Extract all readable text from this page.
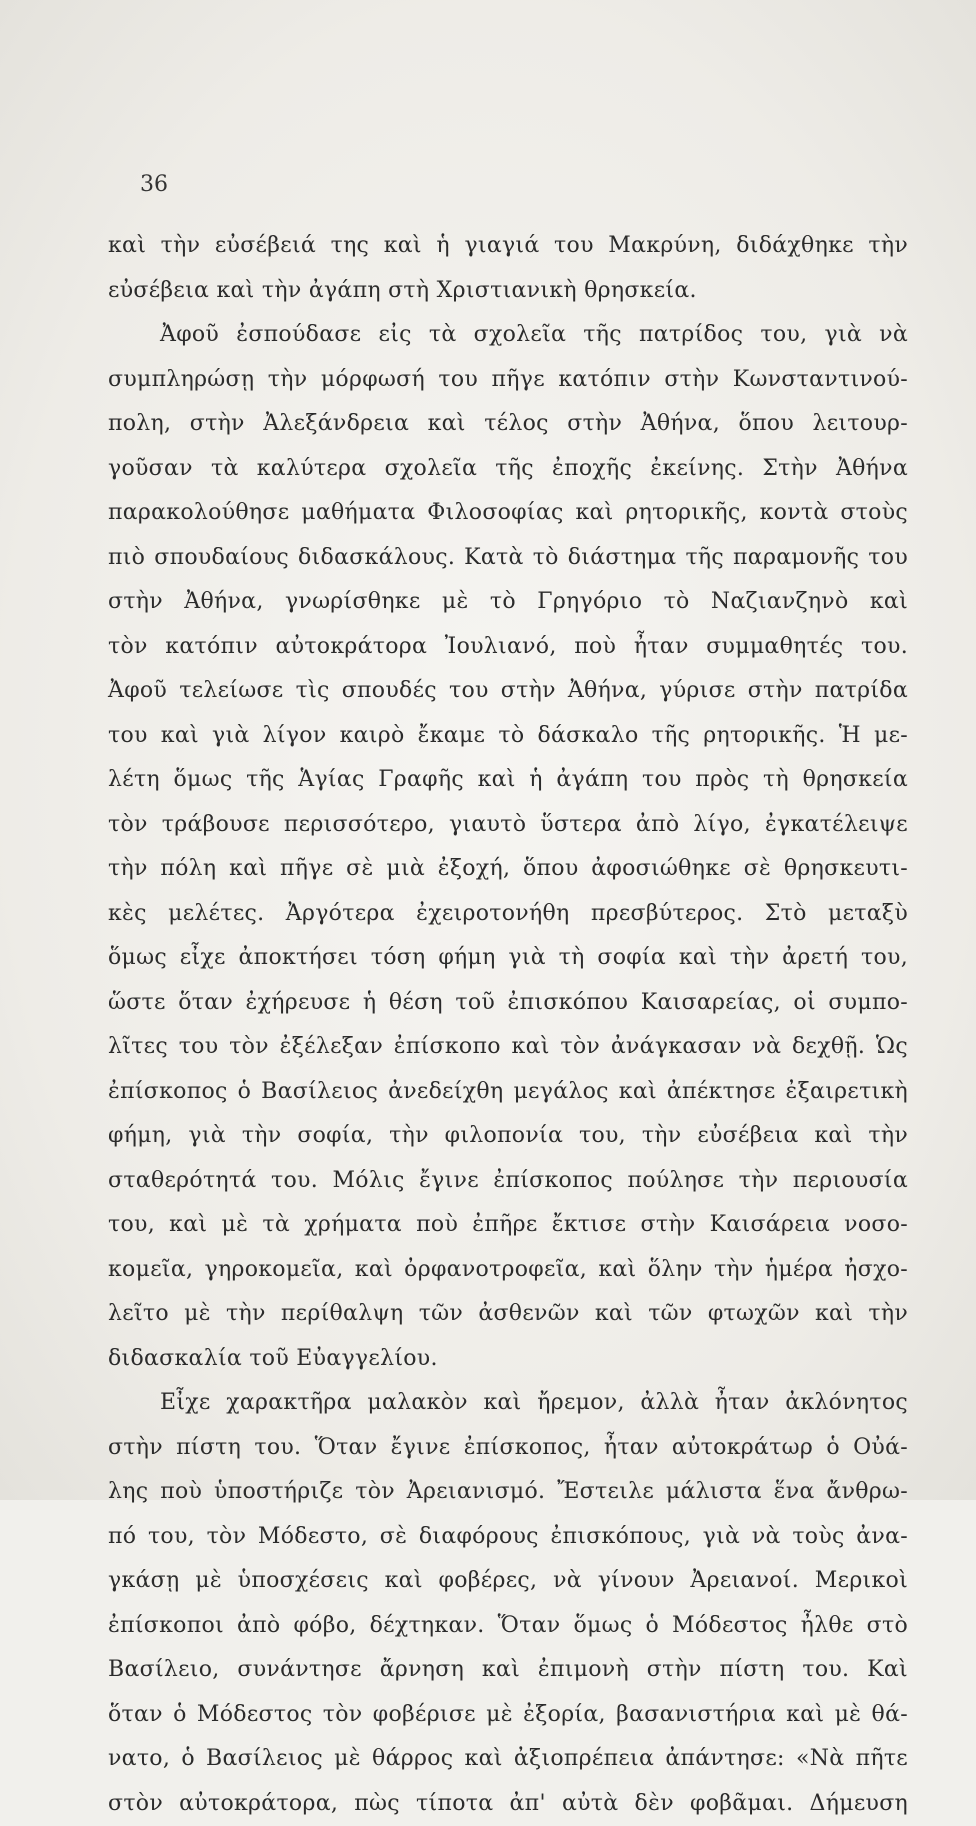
36
καὶ τὴν εὐσέβειά της καὶ ἡ γιαγιά του Μακρύνη, διδάχθηκε τὴν
εὐσέβεια καὶ τὴν ἀγάπη στὴ Χριστιανικὴ θρησκεία.
Ἀφοῦ ἐσπούδασε εἰς τὰ σχολεῖα τῆς πατρίδος του, γιὰ νὰ
συμπληρώσῃ τὴν μόρφωσή του πῆγε κατόπιν στὴν Κωνσταντινού-
πολη, στὴν Ἀλεξάνδρεια καὶ τέλος στὴν Ἀθήνα, ὅπου λειτουρ-
γοῦσαν τὰ καλύτερα σχολεῖα τῆς ἐποχῆς ἐκείνης. Στὴν Ἀθήνα
παρακολούθησε μαθήματα Φιλοσοφίας καὶ ρητορικῆς, κοντὰ στοὺς
πιὸ σπουδαίους διδασκάλους. Κατὰ τὸ διάστημα τῆς παραμονῆς του
στὴν Ἀθήνα, γνωρίσθηκε μὲ τὸ Γρηγόριο τὸ Ναζιανζηνὸ καὶ
τὸν κατόπιν αὐτοκράτορα Ἰουλιανό, ποὺ ἦταν συμμαθητές του.
Ἀφοῦ τελείωσε τὶς σπουδές του στὴν Ἀθήνα, γύρισε στὴν πατρίδα
του καὶ γιὰ λίγον καιρὸ ἔκαμε τὸ δάσκαλο τῆς ρητορικῆς. Ἡ με-
λέτη ὅμως τῆς Ἁγίας Γραφῆς καὶ ἡ ἀγάπη του πρὸς τὴ θρησκεία
τὸν τράβουσε περισσότερο, γιαυτὸ ὕστερα ἀπὸ λίγο, ἐγκατέλειψε
τὴν πόλη καὶ πῆγε σὲ μιὰ ἐξοχή, ὅπου ἀφοσιώθηκε σὲ θρησκευτι-
κὲς μελέτες. Ἀργότερα ἐχειροτονήθη πρεσβύτερος. Στὸ μεταξὺ
ὅμως εἶχε ἀποκτήσει τόση φήμη γιὰ τὴ σοφία καὶ τὴν ἀρετή του,
ὥστε ὅταν ἐχήρευσε ἡ θέση τοῦ ἐπισκόπου Καισαρείας, οἱ συμπο-
λῖτες του τὸν ἐξέλεξαν ἐπίσκοπο καὶ τὸν ἀνάγκασαν νὰ δεχθῇ. Ὡς
ἐπίσκοπος ὁ Βασίλειος ἀνεδείχθη μεγάλος καὶ ἀπέκτησε ἐξαιρετικὴ
φήμη, γιὰ τὴν σοφία, τὴν φιλοπονία του, τὴν εὐσέβεια καὶ τὴν
σταθερότητά του. Μόλις ἔγινε ἐπίσκοπος πούλησε τὴν περιουσία
του, καὶ μὲ τὰ χρήματα ποὺ ἐπῆρε ἔκτισε στὴν Καισάρεια νοσο-
κομεῖα, γηροκομεῖα, καὶ ὀρφανοτροφεῖα, καὶ ὅλην τὴν ἡμέρα ἠσχο-
λεῖτο μὲ τὴν περίθαλψη τῶν ἀσθενῶν καὶ τῶν φτωχῶν καὶ τὴν
διδασκαλία τοῦ Εὐαγγελίου.
Εἶχε χαρακτῆρα μαλακὸν καὶ ἤρεμον, ἀλλὰ ἦταν ἀκλόνητος
στὴν πίστη του. Ὅταν ἔγινε ἐπίσκοπος, ἦταν αὐτοκράτωρ ὁ Οὐά-
λης ποὺ ὑποστήριζε τὸν Ἀρειανισμό. Ἔστειλε μάλιστα ἕνα ἄνθρω-
πό του, τὸν Μόδεστο, σὲ διαφόρους ἐπισκόπους, γιὰ νὰ τοὺς ἀνα-
γκάσῃ μὲ ὑποσχέσεις καὶ φοβέρες, νὰ γίνουν Ἀρειανοί. Μερικοὶ
ἐπίσκοποι ἀπὸ φόβο, δέχτηκαν. Ὅταν ὅμως ὁ Μόδεστος ἦλθε στὸ
Βασίλειο, συνάντησε ἄρνηση καὶ ἐπιμονὴ στὴν πίστη του. Καὶ
ὅταν ὁ Μόδεστος τὸν φοβέρισε μὲ ἐξορία, βασανιστήρια καὶ μὲ θά-
νατο, ὁ Βασίλειος μὲ θάρρος καὶ ἀξιοπρέπεια ἀπάντησε: «Νὰ πῆτε
στὸν αὐτοκράτορα, πὼς τίποτα ἀπ' αὐτὰ δὲν φοβᾶμαι. Δήμευση
